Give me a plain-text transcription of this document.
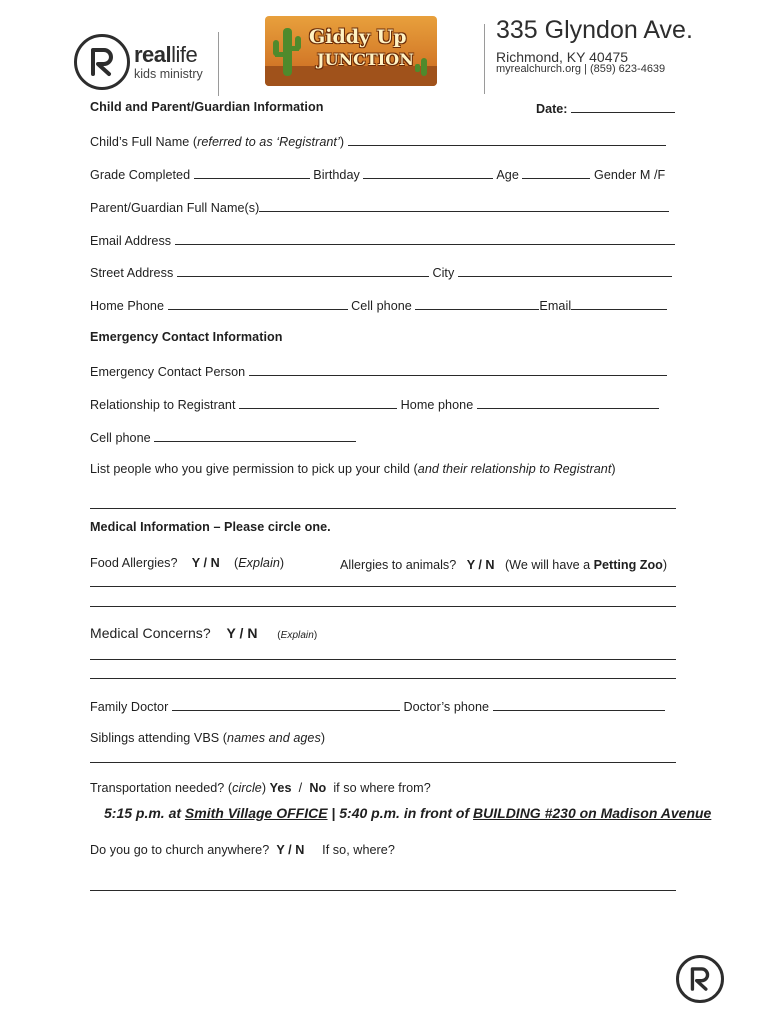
reallife
kids ministry
Giddy Up
JUNCTION
335 Glyndon Ave.
Richmond, KY 40475
myrealchurch.org | (859) 623-4639
Child and Parent/Guardian Information	Date:
Child’s Full Name (referred to as ‘Registrant’)
Grade Completed	Birthday	Age	Gender M /F
Parent/Guardian Full Name(s)
Email Address
Street Address	City
Home Phone	Cell phone	Email
Emergency Contact Information
Emergency Contact Person
Relationship to Registrant	Home phone
Cell phone
List people who you give permission to pick up your child (and their relationship to Registrant)
Medical Information – Please circle one.
Food Allergies? Y / N (Explain)	Allergies to animals? Y / N (We will have a Petting Zoo)
Medical Concerns? Y / N (Explain)
Family Doctor	Doctor’s phone
Siblings attending VBS (names and ages)
Transportation needed? (circle) Yes / No if so where from?
5:15 p.m. at Smith Village OFFICE | 5:40 p.m. in front of BUILDING #230 on Madison Avenue
Do you go to church anywhere? Y / N If so, where?
